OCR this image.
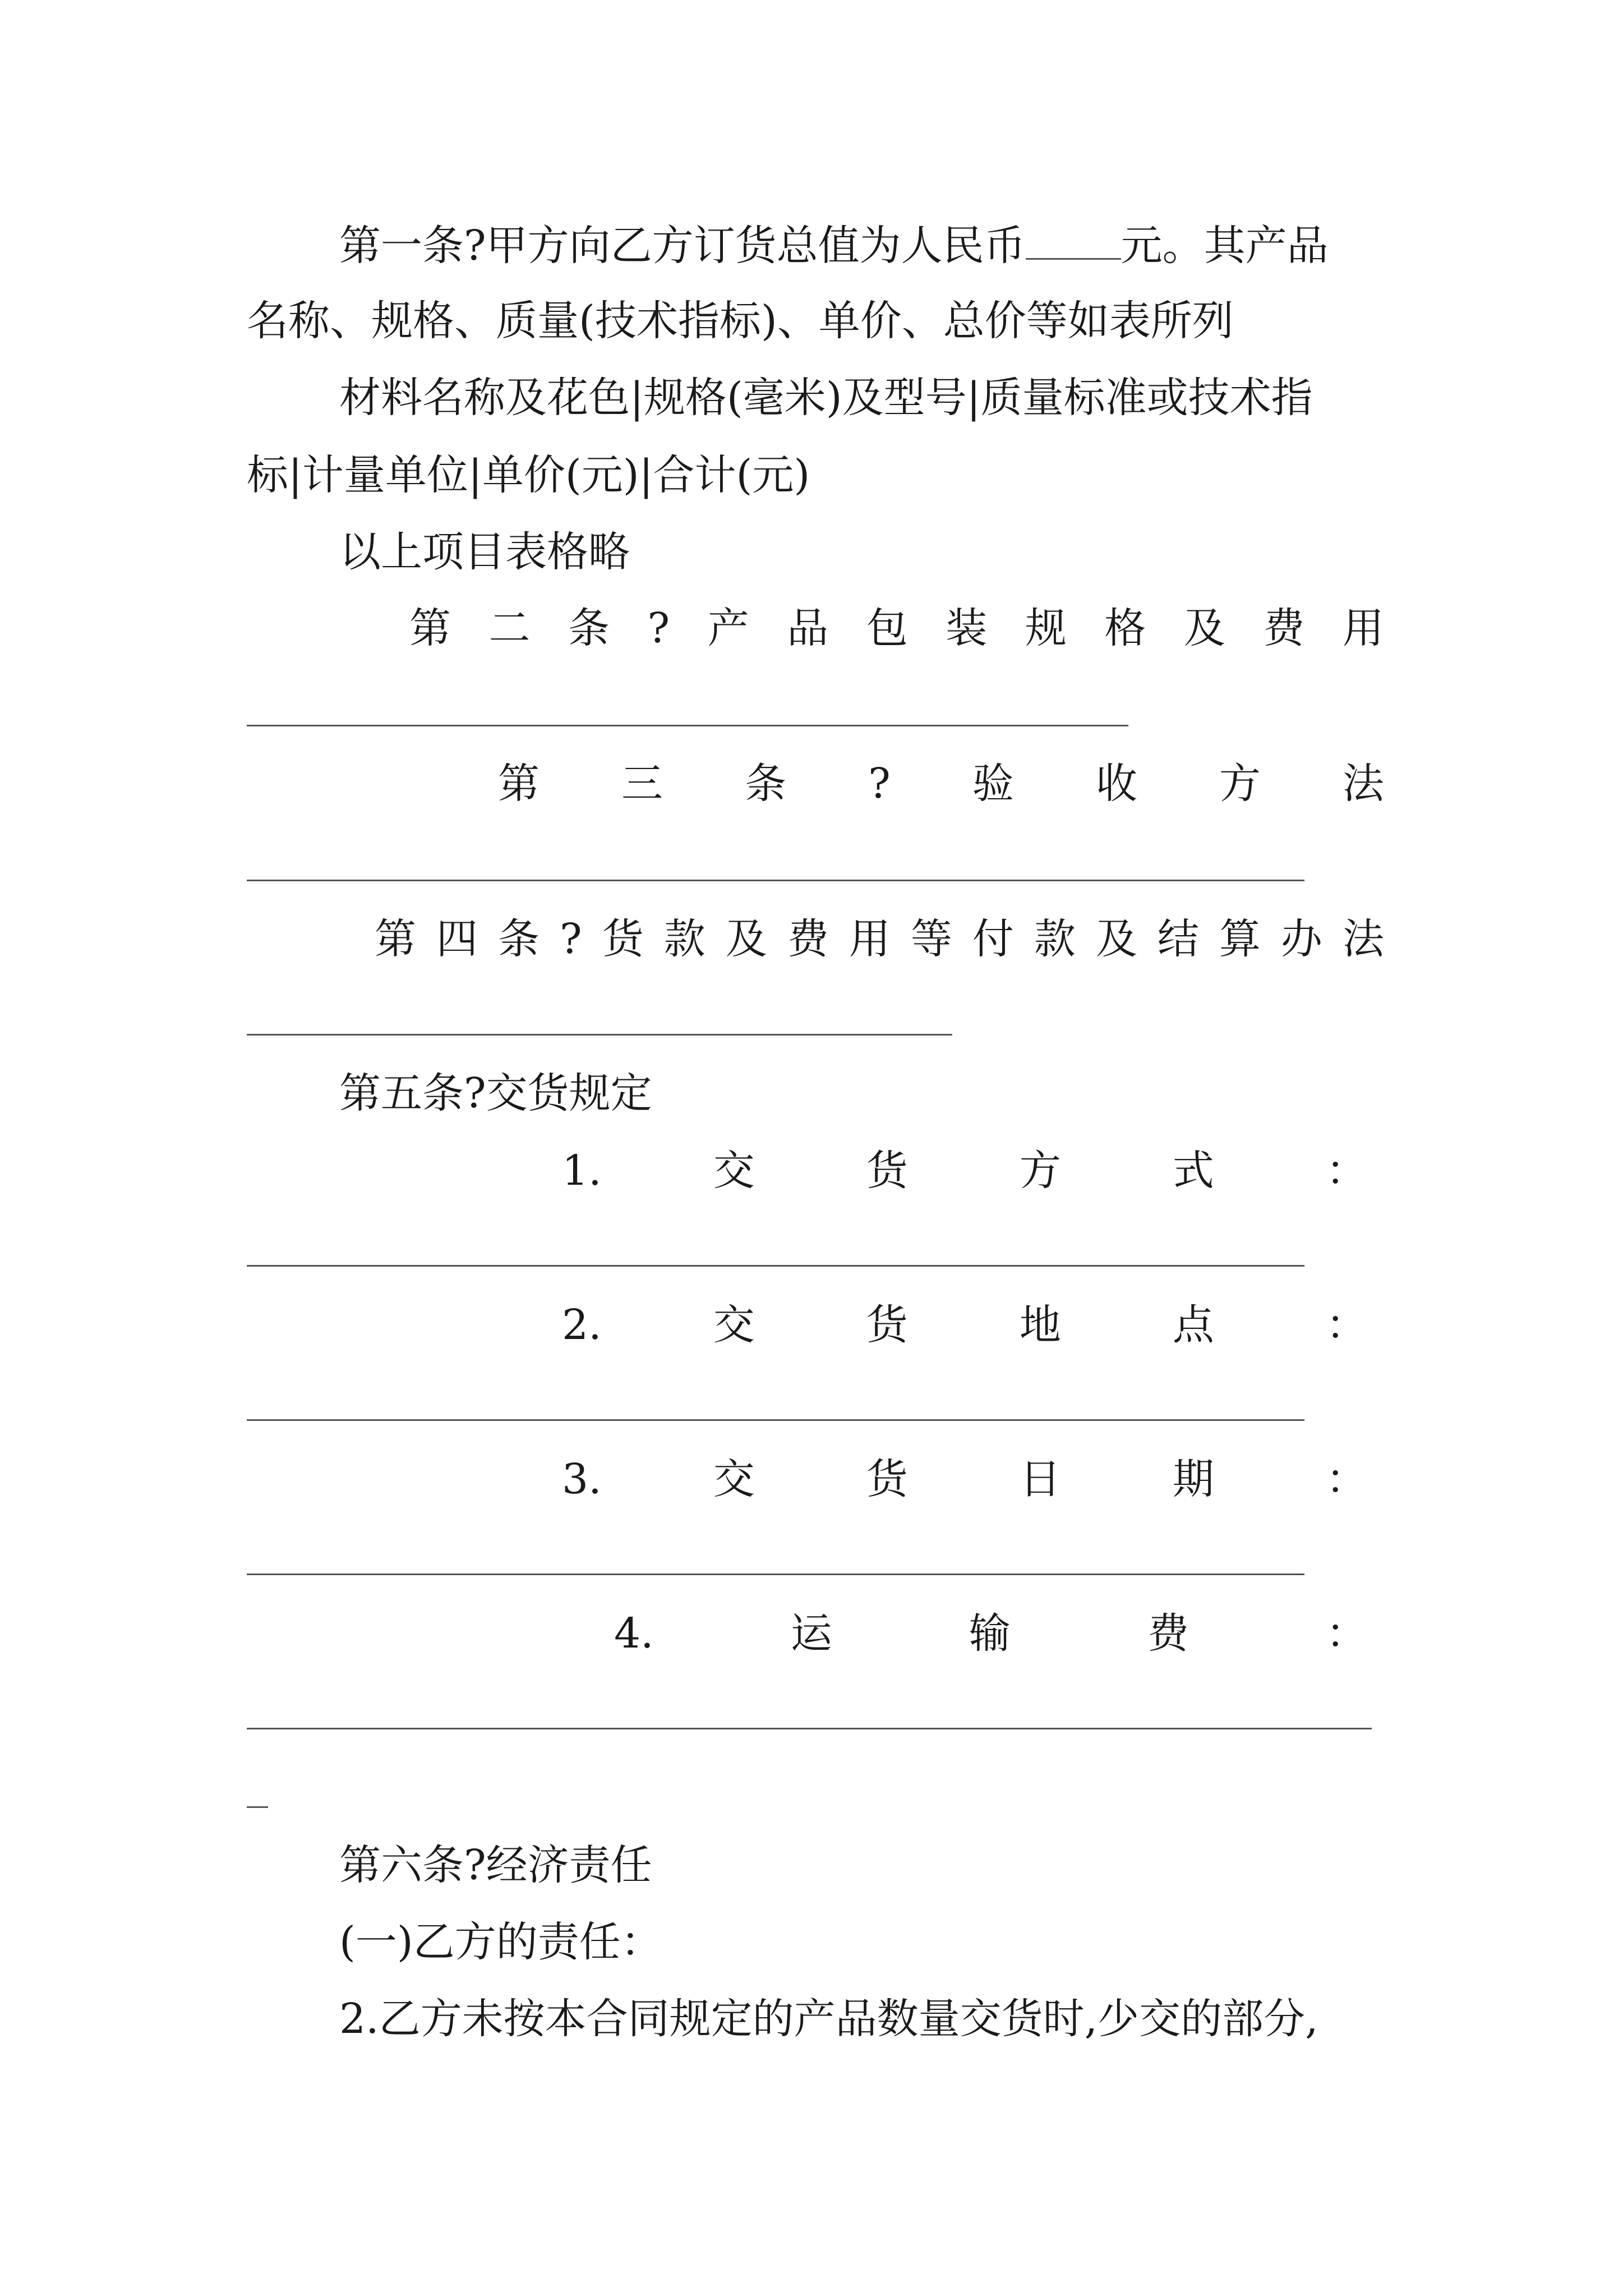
第一条?甲方向乙方订货总值为人民币 元。其产品
名称、规格、质量(技术指标)、单价、总价等如表所列
材料名称及花色|规格(毫米)及型号|质量标准或技术指
标|计量单位|单价(元)|合计(元)
以上项目表格略
第 二 条 ? 产 品 包 装 规 格 及 费 用
第 三 条 ? 验 收 方 法
第 四 条 ? 货 款 及 费 用 等 付 款 及 结 算 办 法
第五条?交货规定
1.	交	货	方	式	：
2.	交	货	地	点	：
3.	交	货	日	期	：
4.	运	输	费	：
第六条?经济责任
(一)乙方的责任：
2.乙方未按本合同规定的产品数量交货时,少交的部分,
